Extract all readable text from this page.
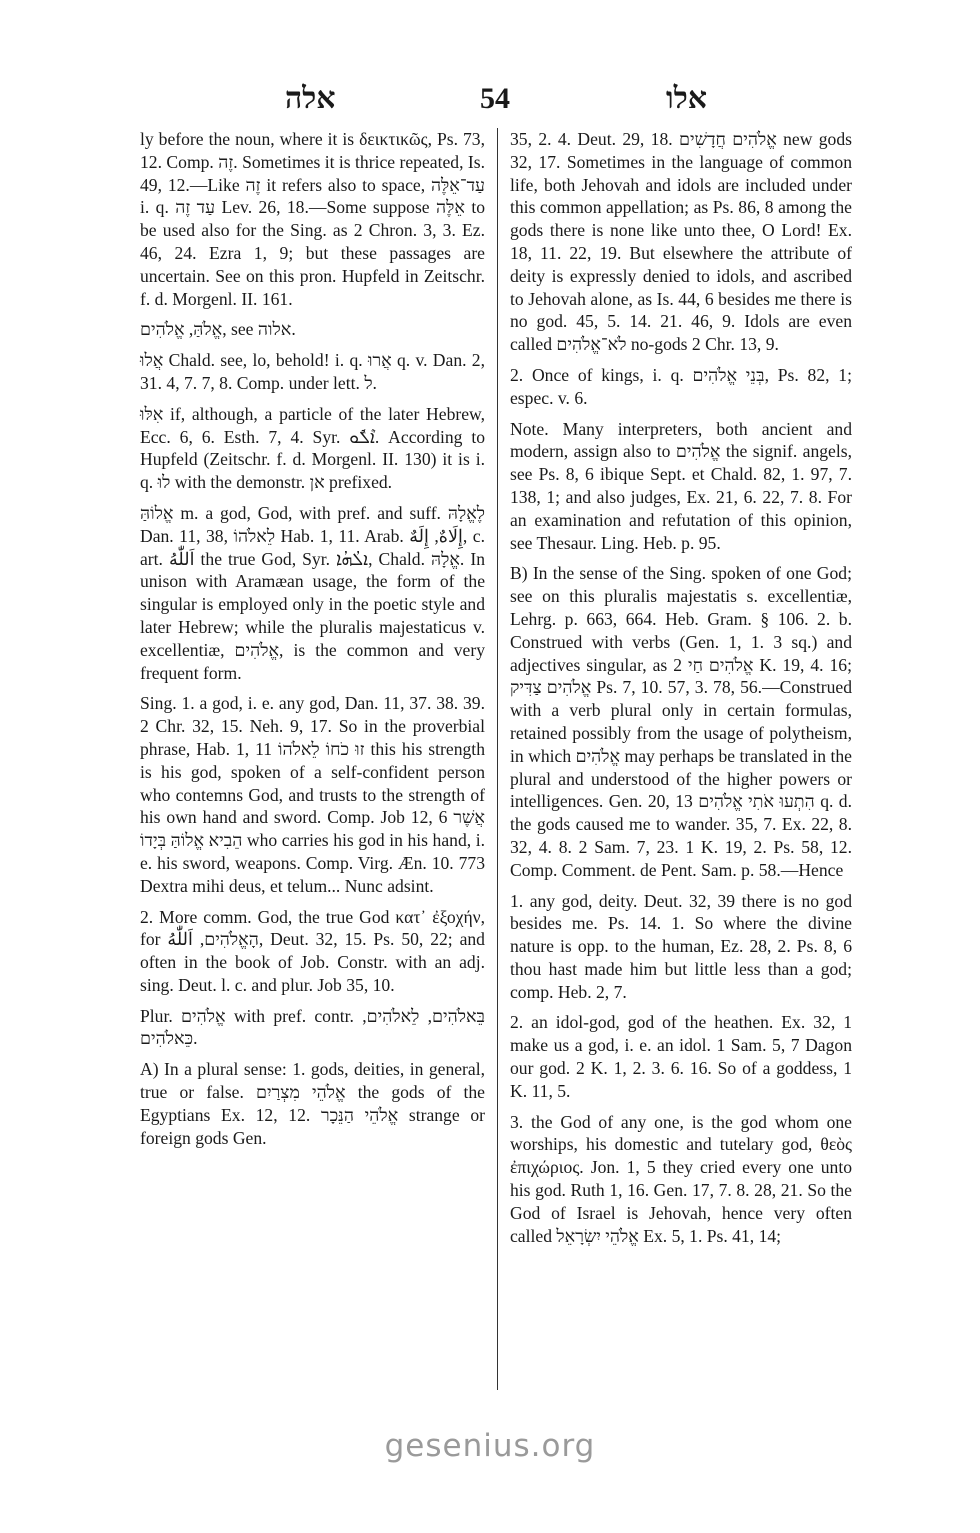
אלה	54	אלו

ly before the noun, where it is δεικτικῶς, Ps. 73, 12. Comp. זֶה. Sometimes it is thrice repeated, Is. 49, 12.—Like זֶה it refers also to space, עַד־אֵלֶּה i. q. עַד זֶה Lev. 26, 18.—Some suppose אֵלֶּה to be used also for the Sing. as 2 Chron. 3, 3. Ez. 46, 24. Ezra 1, 9; but these passages are uncertain. See on this pron. Hupfeld in Zeitschr. f. d. Morgenl. II. 161.

אֱלֹהַּ, אֱלֹהִים, see אלוה.

אֲלוּ Chald. see, lo, behold! i. q. אֲרוּ q. v. Dan. 2, 31. 4, 7. 7, 8. Comp. under lett. ל.

אִלּוּ if, although, a particle of the later Hebrew, Ecc. 6, 6. Esth. 7, 4. Syr. ܐܶܠܽܘ. According to Hupfeld (Zeitschr. f. d. Morgenl. II. 130) it is i. q. לוּ with the demonstr. אן prefixed.

אֱלוֹהַּ m. a god, God, with pref. and suff. לֶאֱלָהּ Dan. 11, 38, לֵאלֹהוֹ Hab. 1, 11. Arab. إِلَاهٌ, إِلَهٌ, c. art. اَللّٰهُ the true God, Syr. ܐܠܳܗܳܐ, Chald. אֱלָהּ. In unison with Aramæan usage, the form of the singular is employed only in the poetic style and later Hebrew; while the pluralis majestaticus v. excellentiæ, אֱלֹהִים, is the common and very frequent form.

Sing. 1. a god, i. e. any god, Dan. 11, 37. 38. 39. 2 Chr. 32, 15. Neh. 9, 17. So in the proverbial phrase, Hab. 1, 11 זוּ כֹחוֹ לֵאלֹהוֹ this his strength is his god, spoken of a self-confident person who contemns God, and trusts to the strength of his own hand and sword. Comp. Job 12, 6 אֲשֶׁר הֵבִיא אֱלוֹהַּ בְּיָדוֹ who carries his god in his hand, i. e. his sword, weapons. Comp. Virg. Æn. 10. 773 Dextra mihi deus, et telum... Nunc adsint.

2. More comm. God, the true God κατ᾽ ἐξοχήν, for הָאֱלֹהִים, اَللّٰهُ, Deut. 32, 15. Ps. 50, 22; and often in the book of Job. Constr. with an adj. sing. Deut. l. c. and plur. Job 35, 10.

Plur. אֱלֹהִים with pref. contr. בֵּאלֹהִים, לֵאלֹהִים, כֵּאלֹהִים.

A) In a plural sense: 1. gods, deities, in general, true or false. אֱלֹהֵי מִצְרַיִם the gods of the Egyptians Ex. 12, 12. אֱלֹהֵי הַנֵּכָר strange or foreign gods Gen.

35, 2. 4. Deut. 29, 18. אֱלֹהִים חֲדָשִׁים new gods 32, 17. Sometimes in the language of common life, both Jehovah and idols are included under this common appellation; as Ps. 86, 8 among the gods there is none like unto thee, O Lord! Ex. 18, 11. 22, 19. But elsewhere the attribute of deity is expressly denied to idols, and ascribed to Jehovah alone, as Is. 44, 6 besides me there is no god. 45, 5. 14. 21. 46, 9. Idols are even called לֹא־אֱלֹהִים no-gods 2 Chr. 13, 9.

2. Once of kings, i. q. בְּנֵי אֱלֹהִים, Ps. 82, 1; espec. v. 6.

Note. Many interpreters, both ancient and modern, assign also to אֱלֹהִים the signif. angels, see Ps. 8, 6 ibique Sept. et Chald. 82, 1. 97, 7. 138, 1; and also judges, Ex. 21, 6. 22, 7. 8. For an examination and refutation of this opinion, see Thesaur. Ling. Heb. p. 95.

B) In the sense of the Sing. spoken of one God; see on this pluralis majestatis s. excellentiæ, Lehrg. p. 663, 664. Heb. Gram. § 106. 2. b. Construed with verbs (Gen. 1, 1. 3 sq.) and adjectives singular, as אֱלֹהִים חַי 2 K. 19, 4. 16; אֱלֹהִים צַדִּיק Ps. 7, 10. 57, 3. 78, 56.—Construed with a verb plural only in certain formulas, retained possibly from the usage of polytheism, in which אֱלֹהִים may perhaps be translated in the plural and understood of the higher powers or intelligences. Gen. 20, 13 הִתְעוּ אֹתִי אֱלֹהִים q. d. the gods caused me to wander. 35, 7. Ex. 22, 8. 32, 4. 8. 2 Sam. 7, 23. 1 K. 19, 2. Ps. 58, 12. Comp. Comment. de Pent. Sam. p. 58.—Hence

1. any god, deity. Deut. 32, 39 there is no god besides me. Ps. 14. 1. So where the divine nature is opp. to the human, Ez. 28, 2. Ps. 8, 6 thou hast made him but little less than a god; comp. Heb. 2, 7.

2. an idol-god, god of the heathen. Ex. 32, 1 make us a god, i. e. an idol. 1 Sam. 5, 7 Dagon our god. 2 K. 1, 2. 3. 6. 16. So of a goddess, 1 K. 11, 5.

3. the God of any one, is the god whom one worships, his domestic and tutelary god, θεὸς ἐπιχώριος. Jon. 1, 5 they cried every one unto his god. Ruth 1, 16. Gen. 17, 7. 8. 28, 21. So the God of Israel is Jehovah, hence very often called אֱלֹהֵי יִשְׂרָאֵל Ex. 5, 1. Ps. 41, 14;

gesenius.org
